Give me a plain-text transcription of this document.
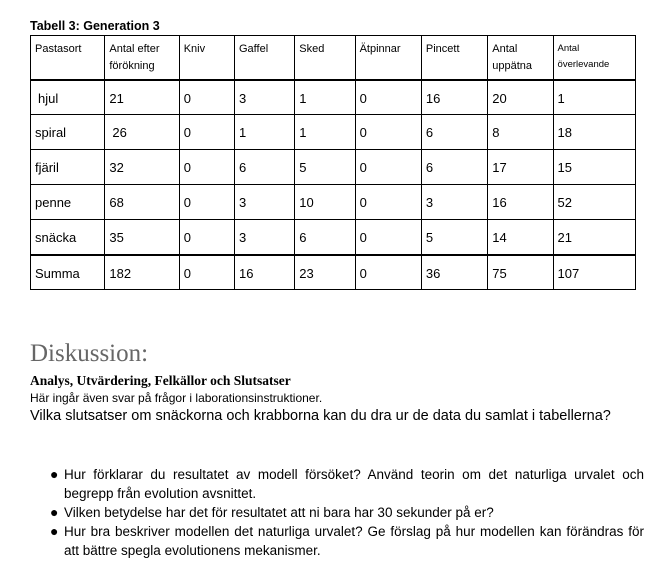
Tabell 3: Generation 3
Pastasort	Antal efter förökning	Kniv	Gaffel	Sked	Ätpinnar	Pincett	Antal uppätna	Antal överlevande
hjul	21	0	3	1	0	16	20	1
spiral	26	0	1	1	0	6	8	18
fjäril	32	0	6	5	0	6	17	15
penne	68	0	3	10	0	3	16	52
snäcka	35	0	3	6	0	5	14	21
Summa	182	0	16	23	0	36	75	107
Diskussion:
Analys, Utvärdering, Felkällor och Slutsatser
Här ingår även svar på frågor i laborationsinstruktioner.
Vilka slutsatser om snäckorna och krabborna kan du dra ur de data du samlat i tabellerna?
● Hur förklarar du resultatet av modell försöket? Använd teorin om det naturliga urvalet och begrepp från evolution avsnittet.
● Vilken betydelse har det för resultatet att ni bara har 30 sekunder på er?
● Hur bra beskriver modellen det naturliga urvalet? Ge förslag på hur modellen kan förändras för att bättre spegla evolutionens mekanismer.
